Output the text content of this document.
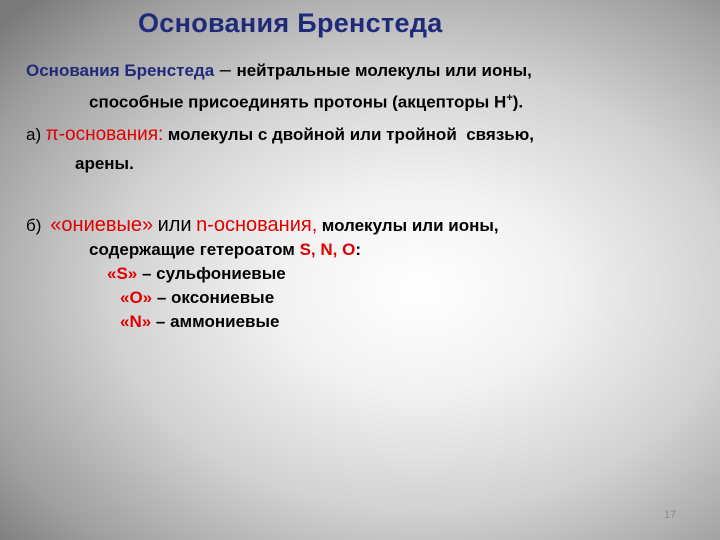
Основания Бренстеда
Основания Бренстеда – нейтральные молекулы или ионы,
способные присоединять протоны (акцепторы Н+).
а) π-основания: молекулы с двойной или тройной  связью,
арены.
б) «ониевые» или n-основания, молекулы или ионы,
содержащие гетероатом S, N, O:
«S» – сульфониевые
«O» – оксониевые
«N» – аммониевые
17
